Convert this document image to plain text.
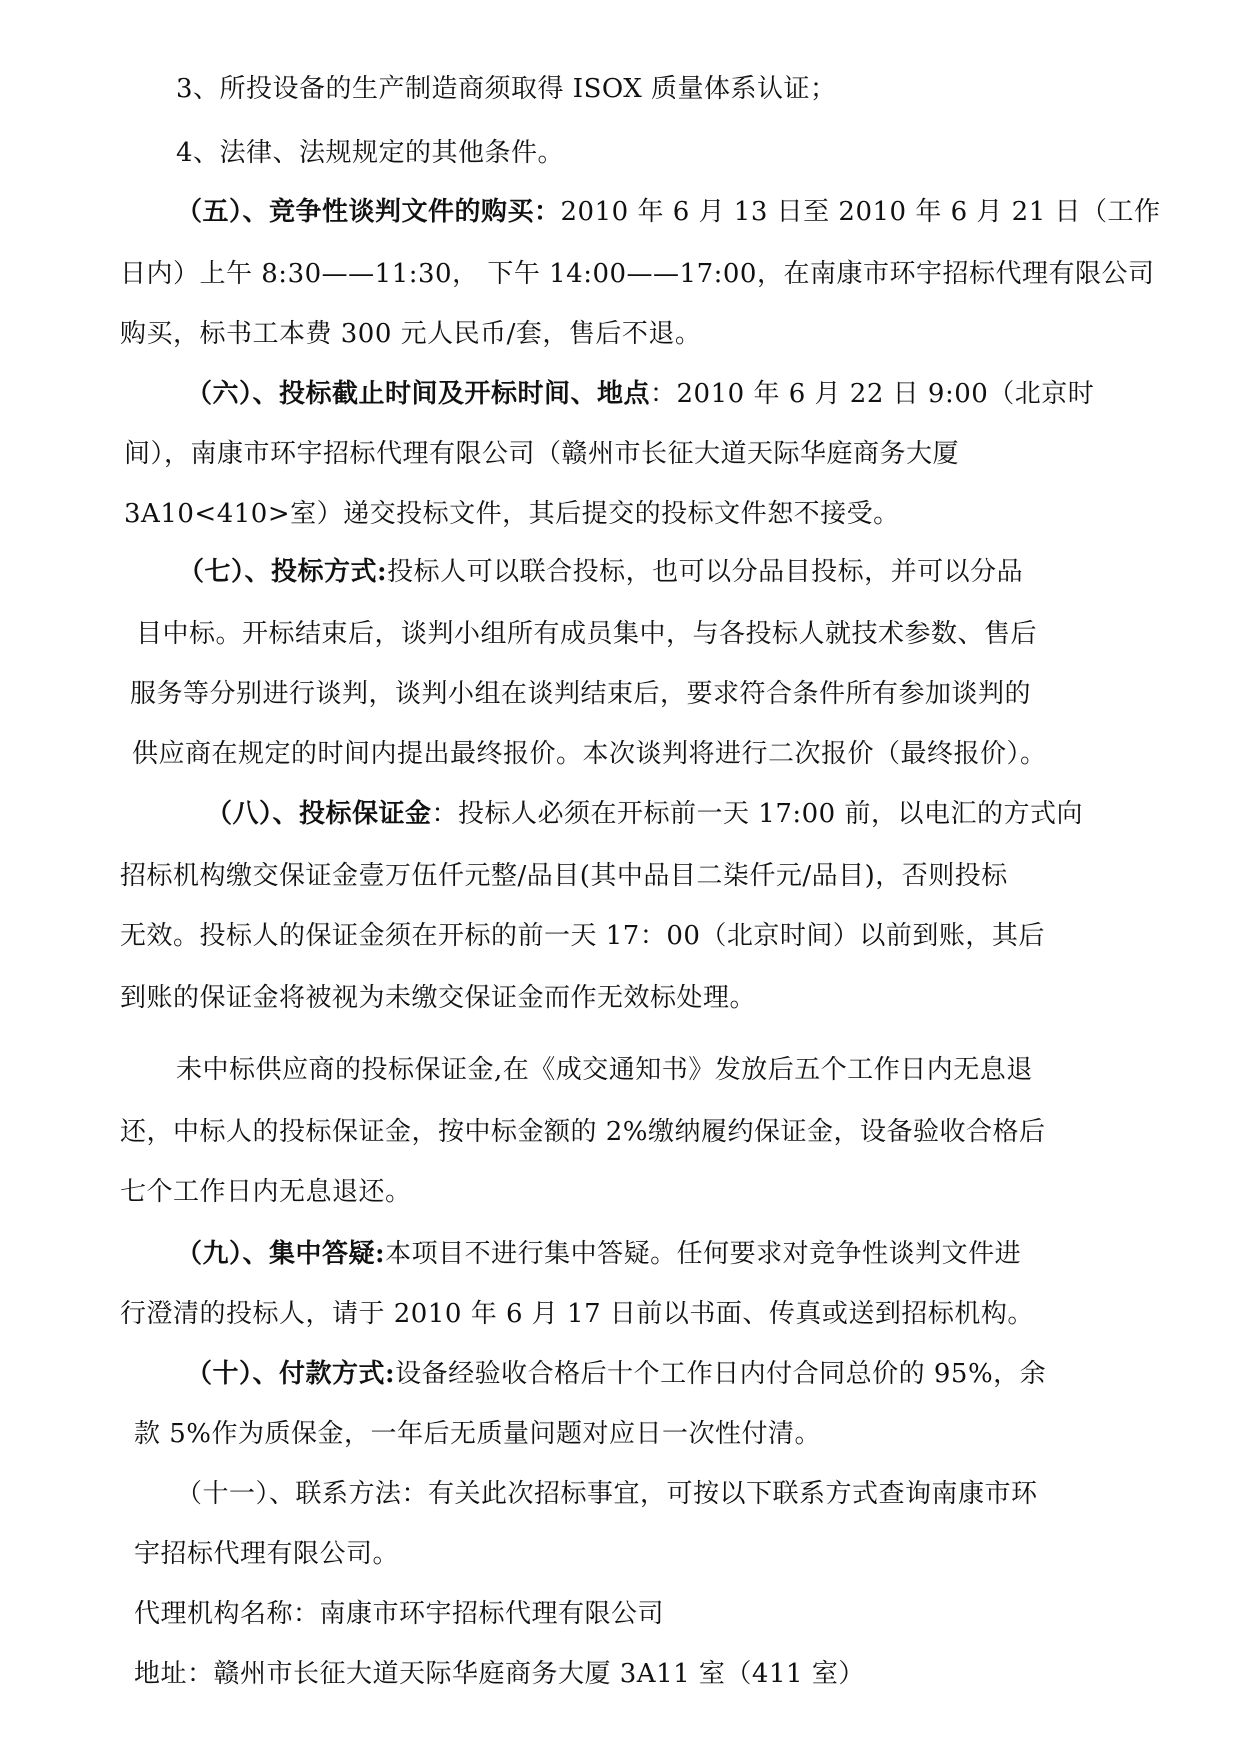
3、所投设备的生产制造商须取得 ISOX 质量体系认证；
4、法律、法规规定的其他条件。
（五）、竞争性谈判文件的购买：2010 年 6 月 13 日至 2010 年 6 月 21 日（工作
日内）上午 8:30——11:30， 下午 14:00——17:00，在南康市环宇招标代理有限公司
购买，标书工本费 300 元人民币/套，售后不退。
（六）、投标截止时间及开标时间、地点：2010 年 6 月 22 日 9:00（北京时
间），南康市环宇招标代理有限公司（赣州市长征大道天际华庭商务大厦
3A10<410>室）递交投标文件，其后提交的投标文件恕不接受。
（七）、投标方式:投标人可以联合投标，也可以分品目投标，并可以分品
目中标。开标结束后，谈判小组所有成员集中，与各投标人就技术参数、售后
服务等分别进行谈判，谈判小组在谈判结束后，要求符合条件所有参加谈判的
供应商在规定的时间内提出最终报价。本次谈判将进行二次报价（最终报价）。
（八）、投标保证金：投标人必须在开标前一天 17:00 前，以电汇的方式向
招标机构缴交保证金壹万伍仟元整/品目(其中品目二柒仟元/品目)，否则投标
无效。投标人的保证金须在开标的前一天 17：00（北京时间）以前到账，其后
到账的保证金将被视为未缴交保证金而作无效标处理。
未中标供应商的投标保证金,在《成交通知书》发放后五个工作日内无息退
还，中标人的投标保证金，按中标金额的 2%缴纳履约保证金，设备验收合格后
七个工作日内无息退还。
（九）、集中答疑:本项目不进行集中答疑。任何要求对竞争性谈判文件进
行澄清的投标人，请于 2010 年 6 月 17 日前以书面、传真或送到招标机构。
（十）、付款方式:设备经验收合格后十个工作日内付合同总价的 95%，余
款 5%作为质保金，一年后无质量问题对应日一次性付清。
（十一）、联系方法：有关此次招标事宜，可按以下联系方式查询南康市环
宇招标代理有限公司。
代理机构名称：南康市环宇招标代理有限公司
地址：赣州市长征大道天际华庭商务大厦 3A11 室（411 室）
